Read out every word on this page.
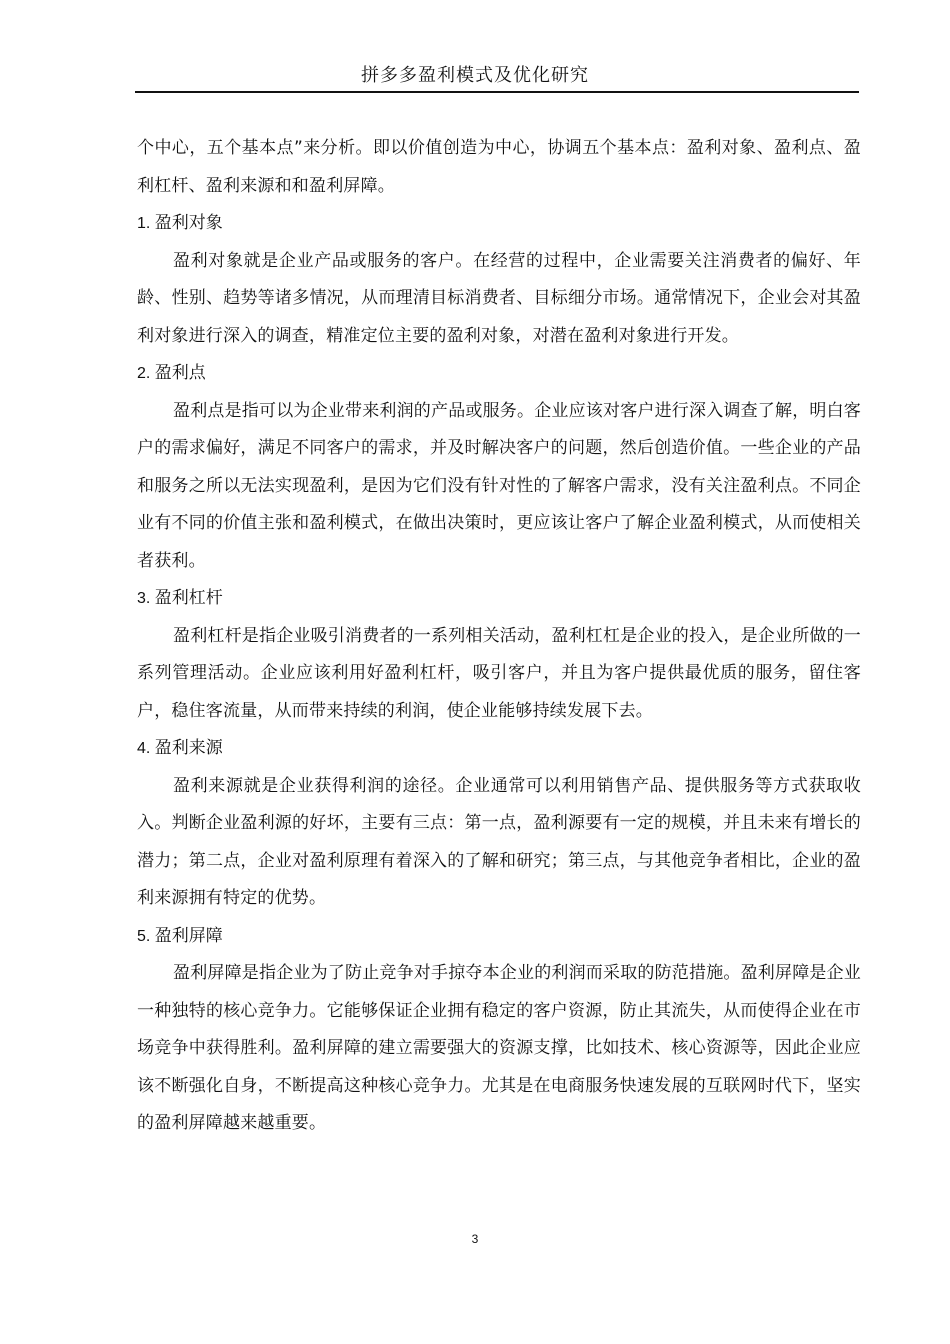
拼多多盈利模式及优化研究

个中心，五个基本点”来分析。即以价值创造为中心，协调五个基本点：盈利对象、盈利点、盈利杠杆、盈利来源和和盈利屏障。

1. 盈利对象

盈利对象就是企业产品或服务的客户。在经营的过程中，企业需要关注消费者的偏好、年龄、性别、趋势等诸多情况，从而理清目标消费者、目标细分市场。通常情况下，企业会对其盈利对象进行深入的调查，精准定位主要的盈利对象，对潜在盈利对象进行开发。

2. 盈利点

盈利点是指可以为企业带来利润的产品或服务。企业应该对客户进行深入调查了解，明白客户的需求偏好，满足不同客户的需求，并及时解决客户的问题，然后创造价值。一些企业的产品和服务之所以无法实现盈利，是因为它们没有针对性的了解客户需求，没有关注盈利点。不同企业有不同的价值主张和盈利模式，在做出决策时，更应该让客户了解企业盈利模式，从而使相关者获利。

3. 盈利杠杆

盈利杠杆是指企业吸引消费者的一系列相关活动，盈利杠杠是企业的投入，是企业所做的一系列管理活动。企业应该利用好盈利杠杆，吸引客户，并且为客户提供最优质的服务，留住客户，稳住客流量，从而带来持续的利润，使企业能够持续发展下去。

4. 盈利来源

盈利来源就是企业获得利润的途径。企业通常可以利用销售产品、提供服务等方式获取收入。判断企业盈利源的好坏，主要有三点：第一点，盈利源要有一定的规模，并且未来有增长的潜力；第二点，企业对盈利原理有着深入的了解和研究；第三点，与其他竞争者相比，企业的盈利来源拥有特定的优势。

5. 盈利屏障

盈利屏障是指企业为了防止竞争对手掠夺本企业的利润而采取的防范措施。盈利屏障是企业一种独特的核心竞争力。它能够保证企业拥有稳定的客户资源，防止其流失，从而使得企业在市场竞争中获得胜利。盈利屏障的建立需要强大的资源支撑，比如技术、核心资源等，因此企业应该不断强化自身，不断提高这种核心竞争力。尤其是在电商服务快速发展的互联网时代下，坚实的盈利屏障越来越重要。

3
